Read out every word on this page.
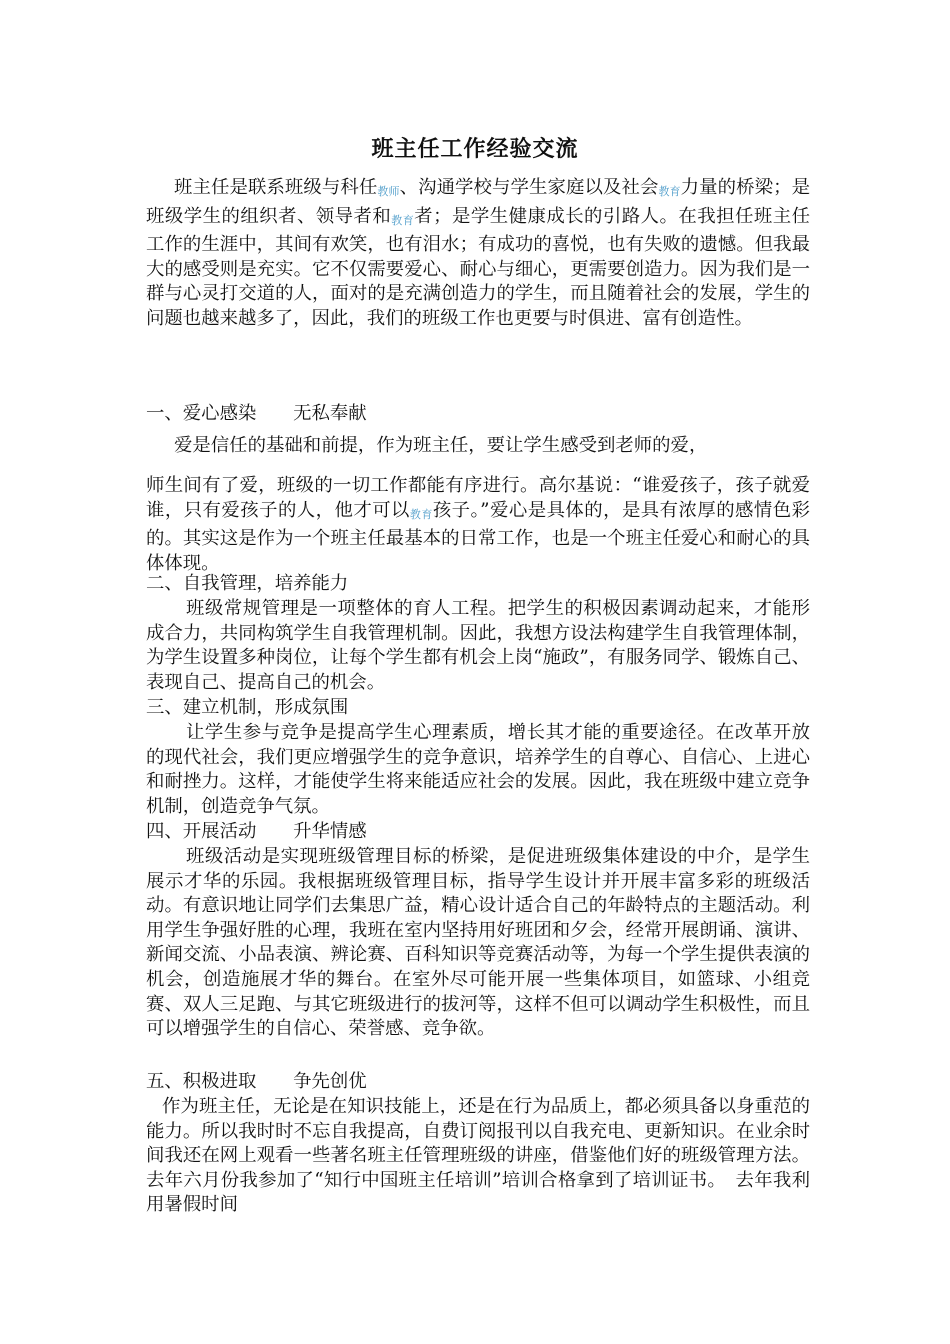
班主任工作经验交流

班主任是联系班级与科任教师、沟通学校与学生家庭以及社会教育力量的桥梁；是班级学生的组织者、领导者和教育者；是学生健康成长的引路人。在我担任班主任工作的生涯中，其间有欢笑，也有泪水；有成功的喜悦，也有失败的遗憾。但我最大的感受则是充实。它不仅需要爱心、耐心与细心，更需要创造力。因为我们是一群与心灵打交道的人，面对的是充满创造力的学生，而且随着社会的发展，学生的问题也越来越多了，因此，我们的班级工作也更要与时俱进、富有创造性。

一、爱心感染　　无私奉献

爱是信任的基础和前提，作为班主任，要让学生感受到老师的爱，

师生间有了爱，班级的一切工作都能有序进行。高尔基说：“谁爱孩子，孩子就爱谁，只有爱孩子的人，他才可以教育孩子。”爱心是具体的，是具有浓厚的感情色彩的。其实这是作为一个班主任最基本的日常工作，也是一个班主任爱心和耐心的具体体现。

二、自我管理，培养能力

班级常规管理是一项整体的育人工程。把学生的积极因素调动起来，才能形成合力，共同构筑学生自我管理机制。因此，我想方设法构建学生自我管理体制，为学生设置多种岗位，让每个学生都有机会上岗“施政”，有服务同学、锻炼自己、表现自己、提高自己的机会。

三、建立机制，形成氛围

让学生参与竞争是提高学生心理素质，增长其才能的重要途径。在改革开放的现代社会，我们更应增强学生的竞争意识，培养学生的自尊心、自信心、上进心和耐挫力。这样，才能使学生将来能适应社会的发展。因此，我在班级中建立竞争机制，创造竞争气氛。

四、开展活动　　升华情感

班级活动是实现班级管理目标的桥梁，是促进班级集体建设的中介，是学生展示才华的乐园。我根据班级管理目标，指导学生设计并开展丰富多彩的班级活动。有意识地让同学们去集思广益，精心设计适合自己的年龄特点的主题活动。利用学生争强好胜的心理，我班在室内坚持用好班团和夕会，经常开展朗诵、演讲、新闻交流、小品表演、辨论赛、百科知识等竞赛活动等，为每一个学生提供表演的机会，创造施展才华的舞台。在室外尽可能开展一些集体项目，如篮球、小组竞赛、双人三足跑、与其它班级进行的拔河等，这样不但可以调动学生积极性，而且可以增强学生的自信心、荣誉感、竞争欲。

五、积极进取　　争先创优

作为班主任，无论是在知识技能上，还是在行为品质上，都必须具备以身重范的能力。所以我时时不忘自我提高，自费订阅报刊以自我充电、更新知识。在业余时间我还在网上观看一些著名班主任管理班级的讲座，借鉴他们好的班级管理方法。去年六月份我参加了“知行中国班主任培训”培训合格拿到了培训证书。　去年我利用暑假时间
